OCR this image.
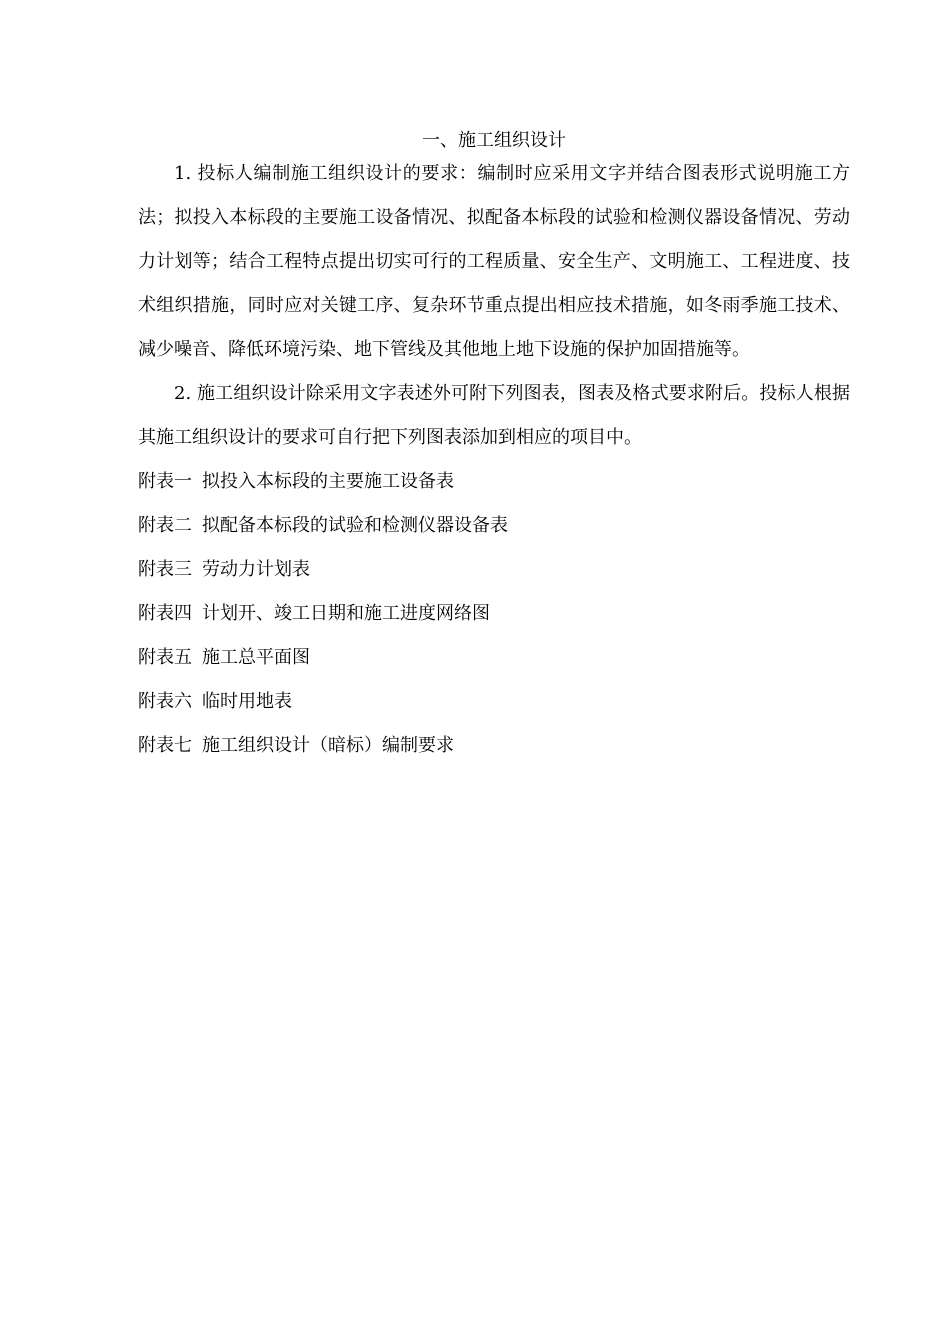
一、施工组织设计

1. 投标人编制施工组织设计的要求：编制时应采用文字并结合图表形式说明施工方法；拟投入本标段的主要施工设备情况、拟配备本标段的试验和检测仪器设备情况、劳动力计划等；结合工程特点提出切实可行的工程质量、安全生产、文明施工、工程进度、技术组织措施，同时应对关键工序、复杂环节重点提出相应技术措施，如冬雨季施工技术、减少噪音、降低环境污染、地下管线及其他地上地下设施的保护加固措施等。

2. 施工组织设计除采用文字表述外可附下列图表，图表及格式要求附后。投标人根据其施工组织设计的要求可自行把下列图表添加到相应的项目中。

附表一 拟投入本标段的主要施工设备表
附表二 拟配备本标段的试验和检测仪器设备表
附表三 劳动力计划表
附表四 计划开、竣工日期和施工进度网络图
附表五 施工总平面图
附表六 临时用地表
附表七 施工组织设计（暗标）编制要求
